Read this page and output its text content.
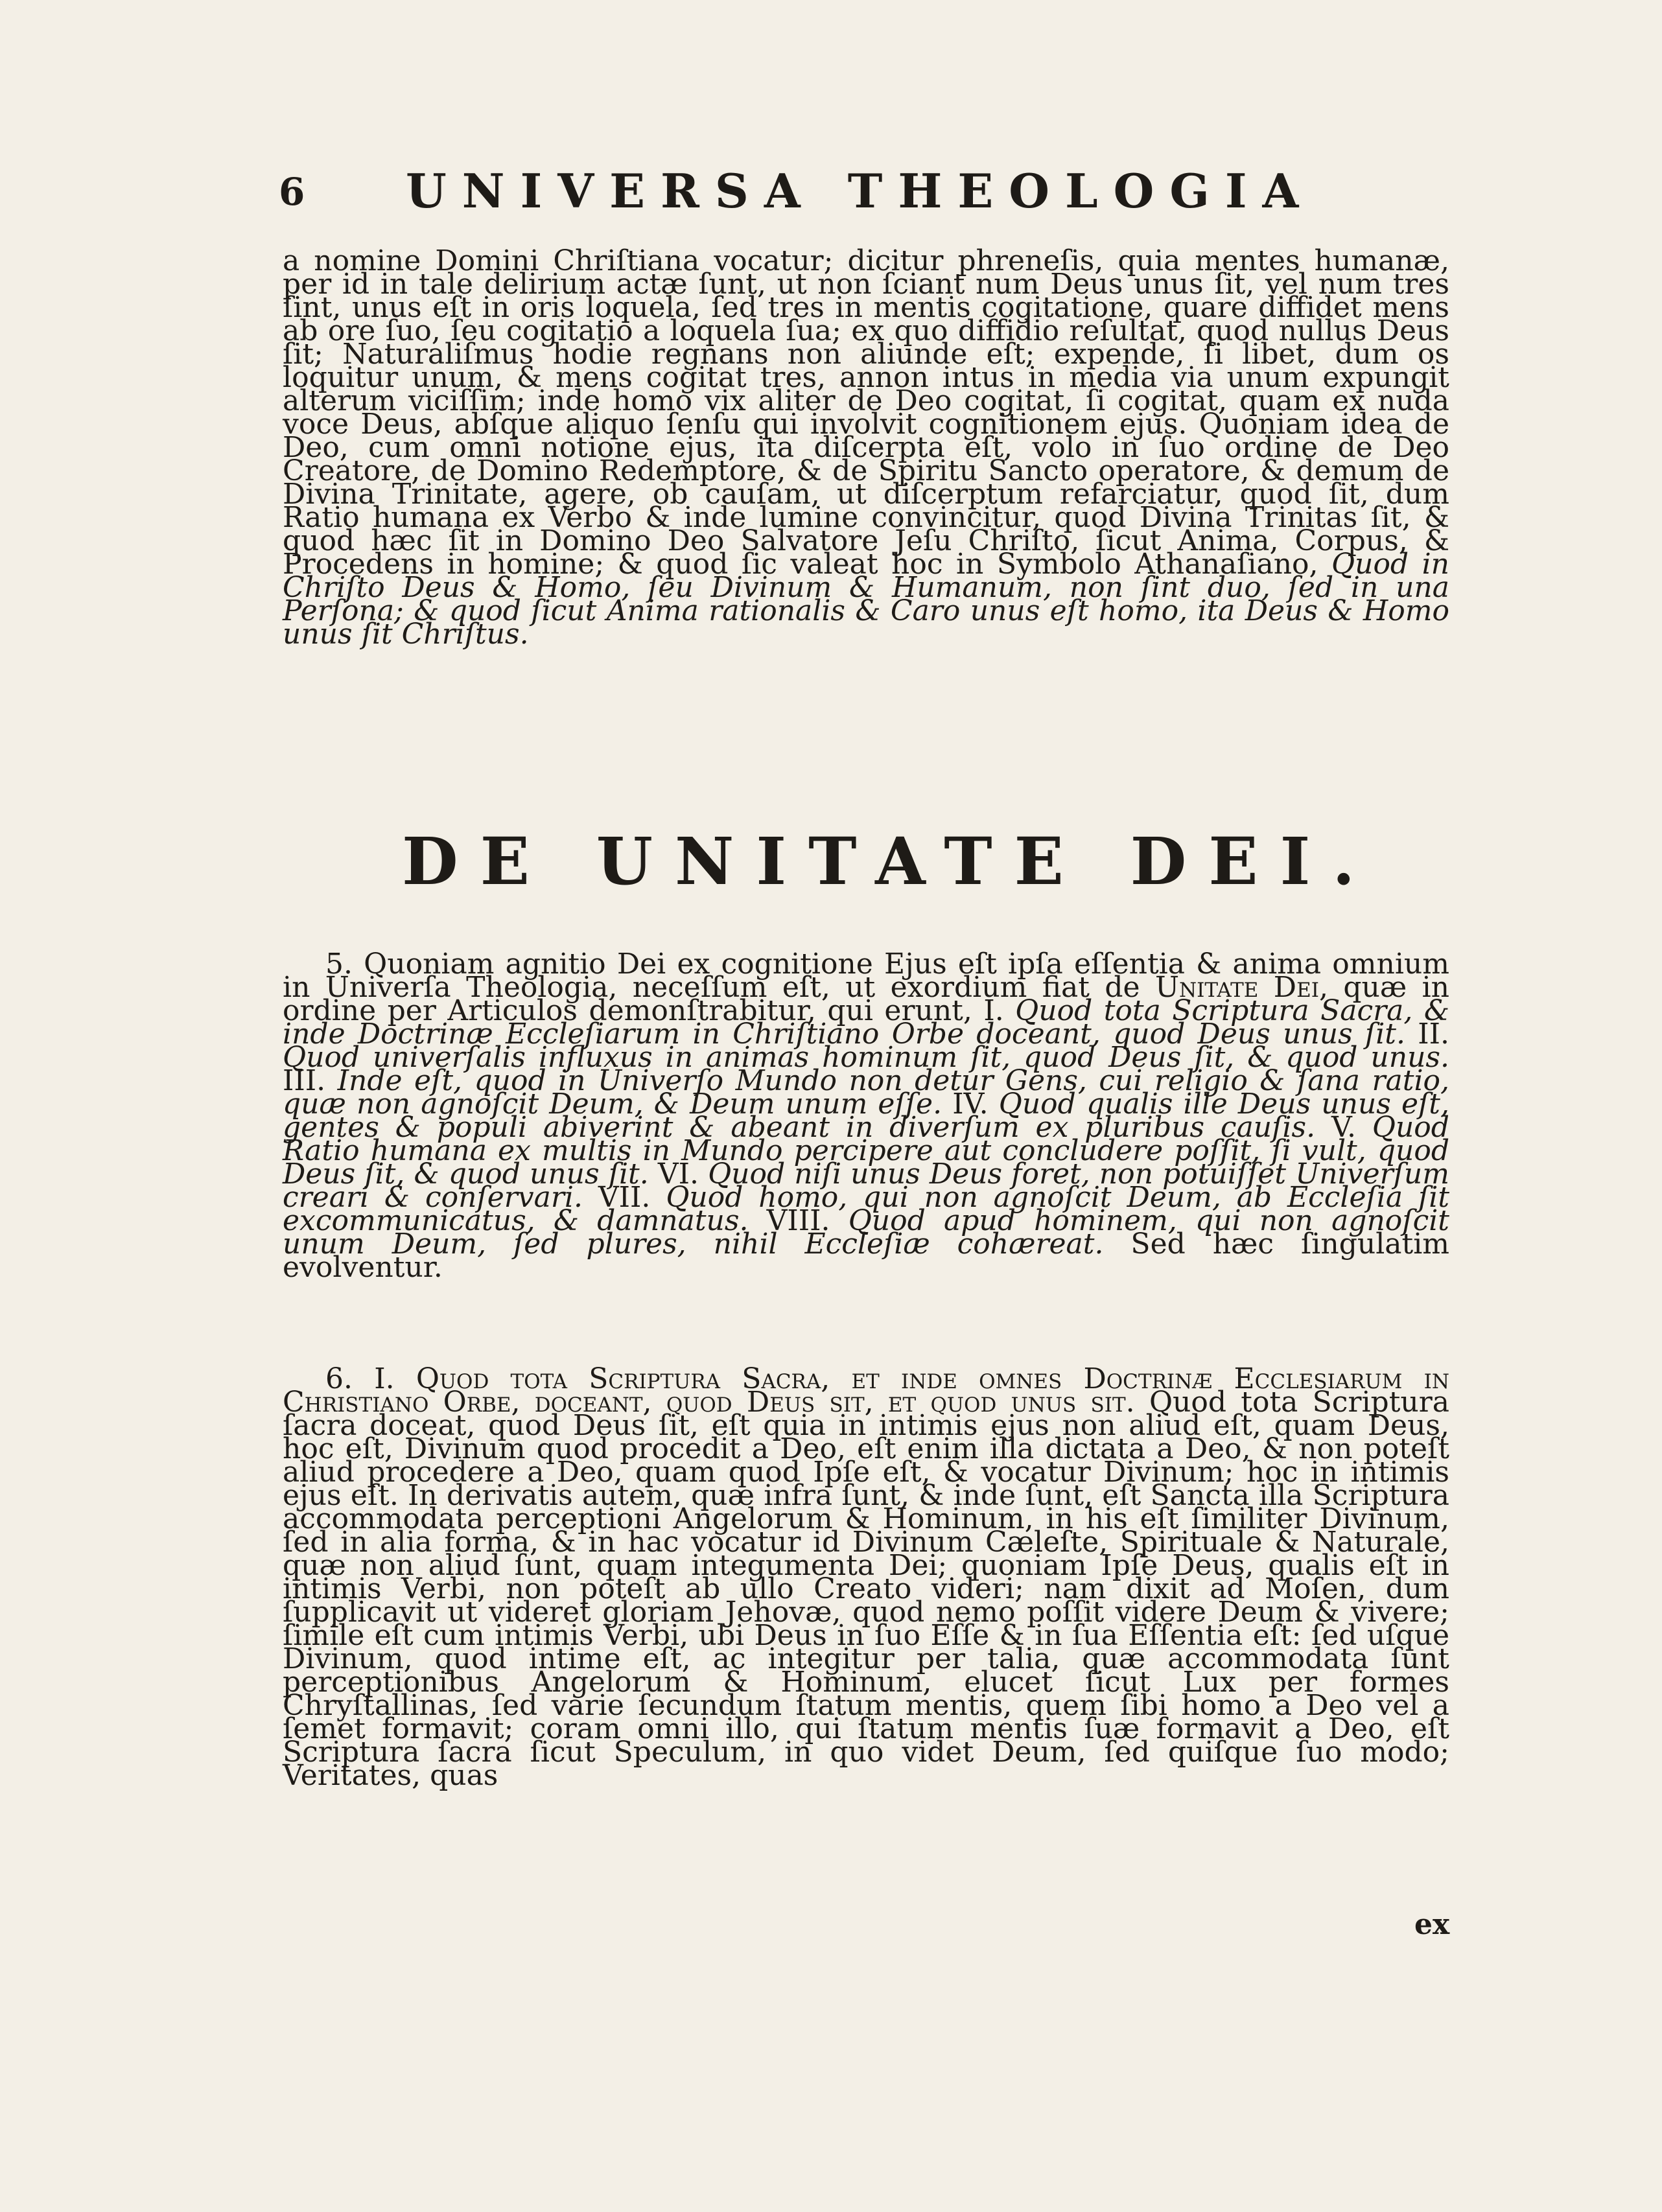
6 UNIVERSA THEOLOGIA

a nomine Domini Chriſtiana vocatur; dicitur phreneſis, quia mentes humanæ, per id in tale delirium actæ ſunt, ut non ſciant num Deus unus ſit, vel num tres ſint, unus eſt in oris loquela, ſed tres in mentis cogitatione, quare diffidet mens ab ore ſuo, ſeu cogitatio a loquela ſua; ex quo diffidio reſultat, quod nullus Deus ſit; Naturaliſmus hodie regnans non aliunde eſt; expende, ſi libet, dum os loquitur unum, & mens cogitat tres, annon intus in media via unum expungit alterum viciſſim; inde homo vix aliter de Deo cogitat, ſi cogitat, quam ex nuda voce Deus, abſque aliquo ſenſu qui involvit cognitionem ejus. Quoniam idea de Deo, cum omni notione ejus, ita diſcerpta eſt, volo in ſuo ordine de Deo Creatore, de Domino Redemptore, & de Spiritu Sancto operatore, & demum de Divina Trinitate, agere, ob cauſam, ut diſcerptum refarciatur, quod ſit, dum Ratio humana ex Verbo & inde lumine convincitur, quod Divina Trinitas ſit, & quod hæc ſit in Domino Deo Salvatore Jeſu Chriſto, ſicut Anima, Corpus, & Procedens in homine; & quod ſic valeat hoc in Symbolo Athanaſiano, Quod in Chriſto Deus & Homo, ſeu Divinum & Humanum, non ſint duo, ſed in una Perſona; & quod ſicut Anima rationalis & Caro unus eſt homo, ita Deus & Homo unus ſit Chriſtus.

DE UNITATE DEI.

5. Quoniam agnitio Dei ex cognitione Ejus eſt ipſa eſſentia & anima omnium in Univerſa Theologia, neceſſum eſt, ut exordium fiat de Unitate Dei, quæ in ordine per Articulos demonſtrabitur, qui erunt, I. Quod tota Scriptura Sacra, & inde Doctrinæ Eccleſiarum in Chriſtiano Orbe doceant, quod Deus unus ſit. II. Quod univerſalis influxus in animas hominum ſit, quod Deus ſit, & quod unus. III. Inde eſt, quod in Univerſo Mundo non detur Gens, cui religio & ſana ratio, quæ non agnoſcit Deum, & Deum unum eſſe. IV. Quod qualis ille Deus unus eſt, gentes & populi abiverint & abeant in diverſum ex pluribus cauſis. V. Quod Ratio humana ex multis in Mundo percipere aut concludere poſſit, ſi vult, quod Deus ſit, & quod unus ſit. VI. Quod niſi unus Deus foret, non potuiſſet Univerſum creari & conſervari. VII. Quod homo, qui non agnoſcit Deum, ab Eccleſia ſit excommunicatus, & damnatus. VIII. Quod apud hominem, qui non agnoſcit unum Deum, ſed plures, nihil Eccleſiæ cohæreat. Sed hæc ſingulatim evolventur.

6. I. Quod tota Scriptura Sacra, et inde omnes Doctrinæ Ecclesiarum in Christiano Orbe, doceant, quod Deus sit, et quod unus sit. Quod tota Scriptura ſacra doceat, quod Deus ſit, eſt quia in intimis ejus non aliud eſt, quam Deus, hoc eſt, Divinum quod procedit a Deo, eſt enim illa dictata a Deo, & non poteſt aliud procedere a Deo, quam quod Ipſe eſt, & vocatur Divinum; hoc in intimis ejus eſt. In derivatis autem, quæ infra ſunt, & inde ſunt, eſt Sancta illa Scriptura accommodata perceptioni Angelorum & Hominum, in his eſt ſimiliter Divinum, ſed in alia forma, & in hac vocatur id Divinum Cæleſte, Spirituale & Naturale, quæ non aliud ſunt, quam integumenta Dei; quoniam Ipſe Deus, qualis eſt in intimis Verbi, non poteſt ab ullo Creato videri; nam dixit ad Moſen, dum ſupplicavit ut videret gloriam Jehovæ, quod nemo poſſit videre Deum & vivere; ſimile eſt cum intimis Verbi, ubi Deus in ſuo Eſſe & in ſua Eſſentia eſt: ſed uſque Divinum, quod intime eſt, ac integitur per talia, quæ accommodata ſunt perceptionibus Angelorum & Hominum, elucet ſicut Lux per formes Chryſtallinas, ſed varie ſecundum ſtatum mentis, quem ſibi homo a Deo vel a ſemet formavit; coram omni illo, qui ſtatum mentis ſuæ formavit a Deo, eſt Scriptura ſacra ſicut Speculum, in quo videt Deum, ſed quiſque ſuo modo; Veritates, quas

ex
